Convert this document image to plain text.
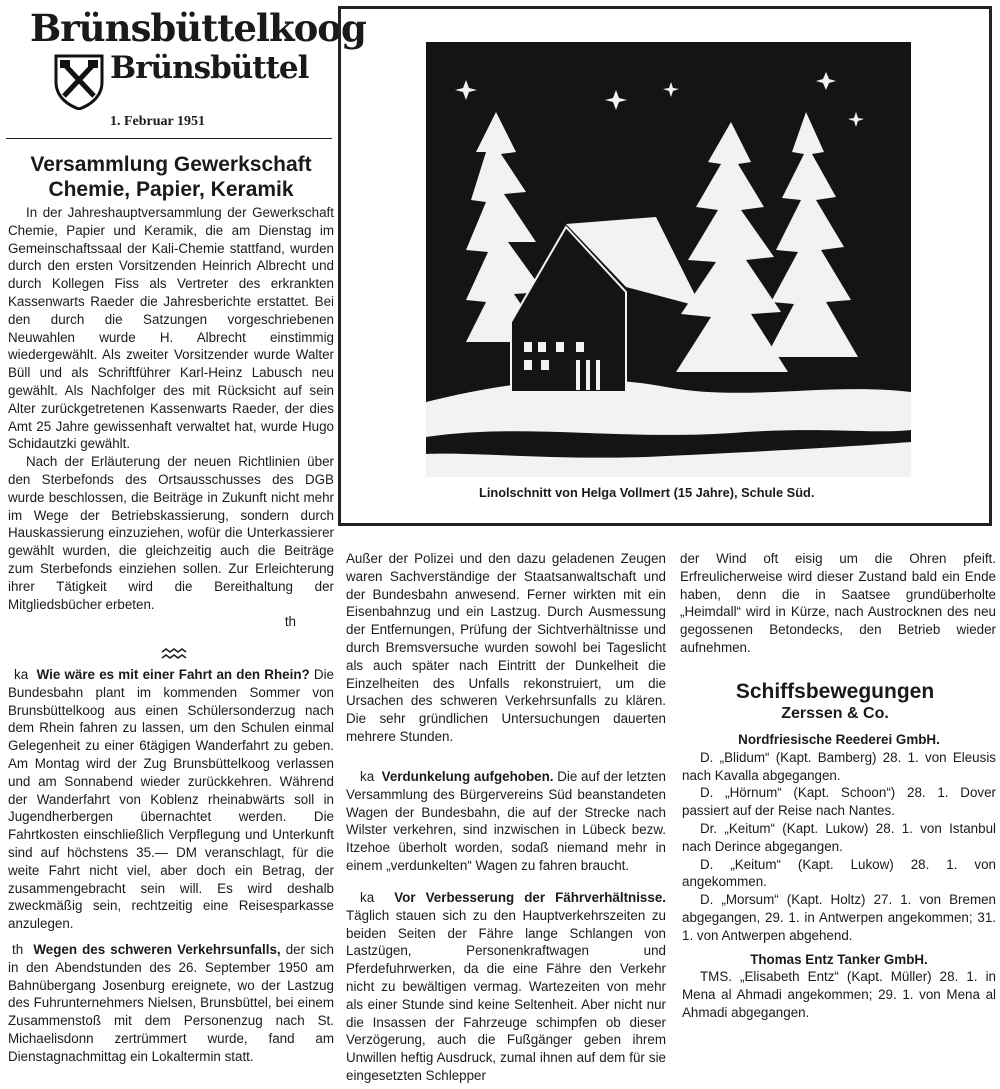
Brünsbüttelkoog
Brünsbüttel
1. Februar 1951
Versammlung Gewerkschaft
Chemie, Papier, Keramik

In der Jahreshauptversammlung der Gewerkschaft Chemie, Papier und Keramik, die am Dienstag im Gemeinschaftssaal der Kali-Chemie stattfand, wurden durch den ersten Vorsitzenden Heinrich Albrecht und durch Kollegen Fiss als Vertreter des erkrankten Kassenwarts Raeder die Jahresberichte erstattet. Bei den durch die Satzungen vorgeschriebenen Neuwahlen wurde H. Albrecht einstimmig wiedergewählt. Als zweiter Vorsitzender wurde Walter Büll und als Schriftführer Karl-Heinz Labusch neu gewählt. Als Nachfolger des mit Rücksicht auf sein Alter zurückgetretenen Kassenwarts Raeder, der dies Amt 25 Jahre gewissenhaft verwaltet hat, wurde Hugo Schidautzki gewählt.

Nach der Erläuterung der neuen Richtlinien über den Sterbefonds des Ortsausschusses des DGB wurde beschlossen, die Beiträge in Zukunft nicht mehr im Wege der Betriebskassierung, sondern durch Hauskassierung einzuziehen, wofür die Unterkassierer gewählt wurden, die gleichzeitig auch die Beiträge zum Sterbefonds einziehen sollen. Zur Erleichterung ihrer Tätigkeit wird die Bereithaltung der Mitgliedsbücher erbeten.

th

ka Wie wäre es mit einer Fahrt an den Rhein? Die Bundesbahn plant im kommenden Sommer von Brunsbüttelkoog aus einen Schülersonderzug nach dem Rhein fahren zu lassen, um den Schulen einmal Gelegenheit zu einer 6tägigen Wanderfahrt zu geben. Am Montag wird der Zug Brunsbüttelkoog verlassen und am Sonnabend wieder zurückkehren. Während der Wanderfahrt von Koblenz rheinabwärts soll in Jugendherbergen übernachtet werden. Die Fahrtkosten einschließlich Verpflegung und Unterkunft sind auf höchstens 35.— DM veranschlagt, für die weite Fahrt nicht viel, aber doch ein Betrag, der zusammengebracht sein will. Es wird deshalb zweckmäßig sein, rechtzeitig eine Reisesparkasse anzulegen.

th Wegen des schweren Verkehrsunfalls, der sich in den Abendstunden des 26. September 1950 am Bahnübergang Josenburg ereignete, wo der Lastzug des Fuhrunternehmers Nielsen, Brunsbüttel, bei einem Zusammenstoß mit dem Personenzug nach St. Michaelisdonn zertrümmert wurde, fand am Dienstagnachmittag ein Lokaltermin statt.

Linolschnitt von Helga Vollmert (15 Jahre), Schule Süd.

Außer der Polizei und den dazu geladenen Zeugen waren Sachverständige der Staatsanwaltschaft und der Bundesbahn anwesend. Ferner wirkten mit ein Eisenbahnzug und ein Lastzug. Durch Ausmessung der Entfernungen, Prüfung der Sichtverhältnisse und durch Bremsversuche wurden sowohl bei Tageslicht als auch später nach Eintritt der Dunkelheit die Einzelheiten des Unfalls rekonstruiert, um die Ursachen des schweren Verkehrsunfalls zu klären. Die sehr gründlichen Untersuchungen dauerten mehrere Stunden.

ka Verdunkelung aufgehoben. Die auf der letzten Versammlung des Bürgervereins Süd beanstandeten Wagen der Bundesbahn, die auf der Strecke nach Wilster verkehren, sind inzwischen in Lübeck bezw. Itzehoe überholt worden, sodaß niemand mehr in einem „verdunkelten“ Wagen zu fahren braucht.

ka Vor Verbesserung der Fährverhältnisse. Täglich stauen sich zu den Hauptverkehrszeiten zu beiden Seiten der Fähre lange Schlangen von Lastzügen, Personenkraftwagen und Pferdefuhrwerken, da die eine Fähre den Verkehr nicht zu bewältigen vermag. Wartezeiten von mehr als einer Stunde sind keine Seltenheit. Aber nicht nur die Insassen der Fahrzeuge schimpfen ob dieser Verzögerung, auch die Fußgänger geben ihrem Unwillen heftig Ausdruck, zumal ihnen auf dem für sie eingesetzten Schlepper

der Wind oft eisig um die Ohren pfeift. Erfreulicherweise wird dieser Zustand bald ein Ende haben, denn die in Saatsee grundüberholte „Heimdall“ wird in Kürze, nach Austrocknen des neu gegossenen Betondecks, den Betrieb wieder aufnehmen.

Schiffsbewegungen
Zerssen & Co.

Nordfriesische Reederei GmbH.

D. „Blidum“ (Kapt. Bamberg) 28. 1. von Eleusis nach Kavalla abgegangen.

D. „Hörnum“ (Kapt. Schoon“) 28. 1. Dover passiert auf der Reise nach Nantes.

Dr. „Keitum“ (Kapt. Lukow) 28. 1. von Istanbul nach Derince abgegangen.

D. „Keitum“ (Kapt. Lukow) 28. 1. von angekommen.

D. „Morsum“ (Kapt. Holtz) 27. 1. von Bremen abgegangen, 29. 1. in Antwerpen angekommen; 31. 1. von Antwerpen abgehend.

Thomas Entz Tanker GmbH.

TMS. „Elisabeth Entz“ (Kapt. Müller) 28. 1. in Mena al Ahmadi angekommen; 29. 1. von Mena al Ahmadi abgegangen.
